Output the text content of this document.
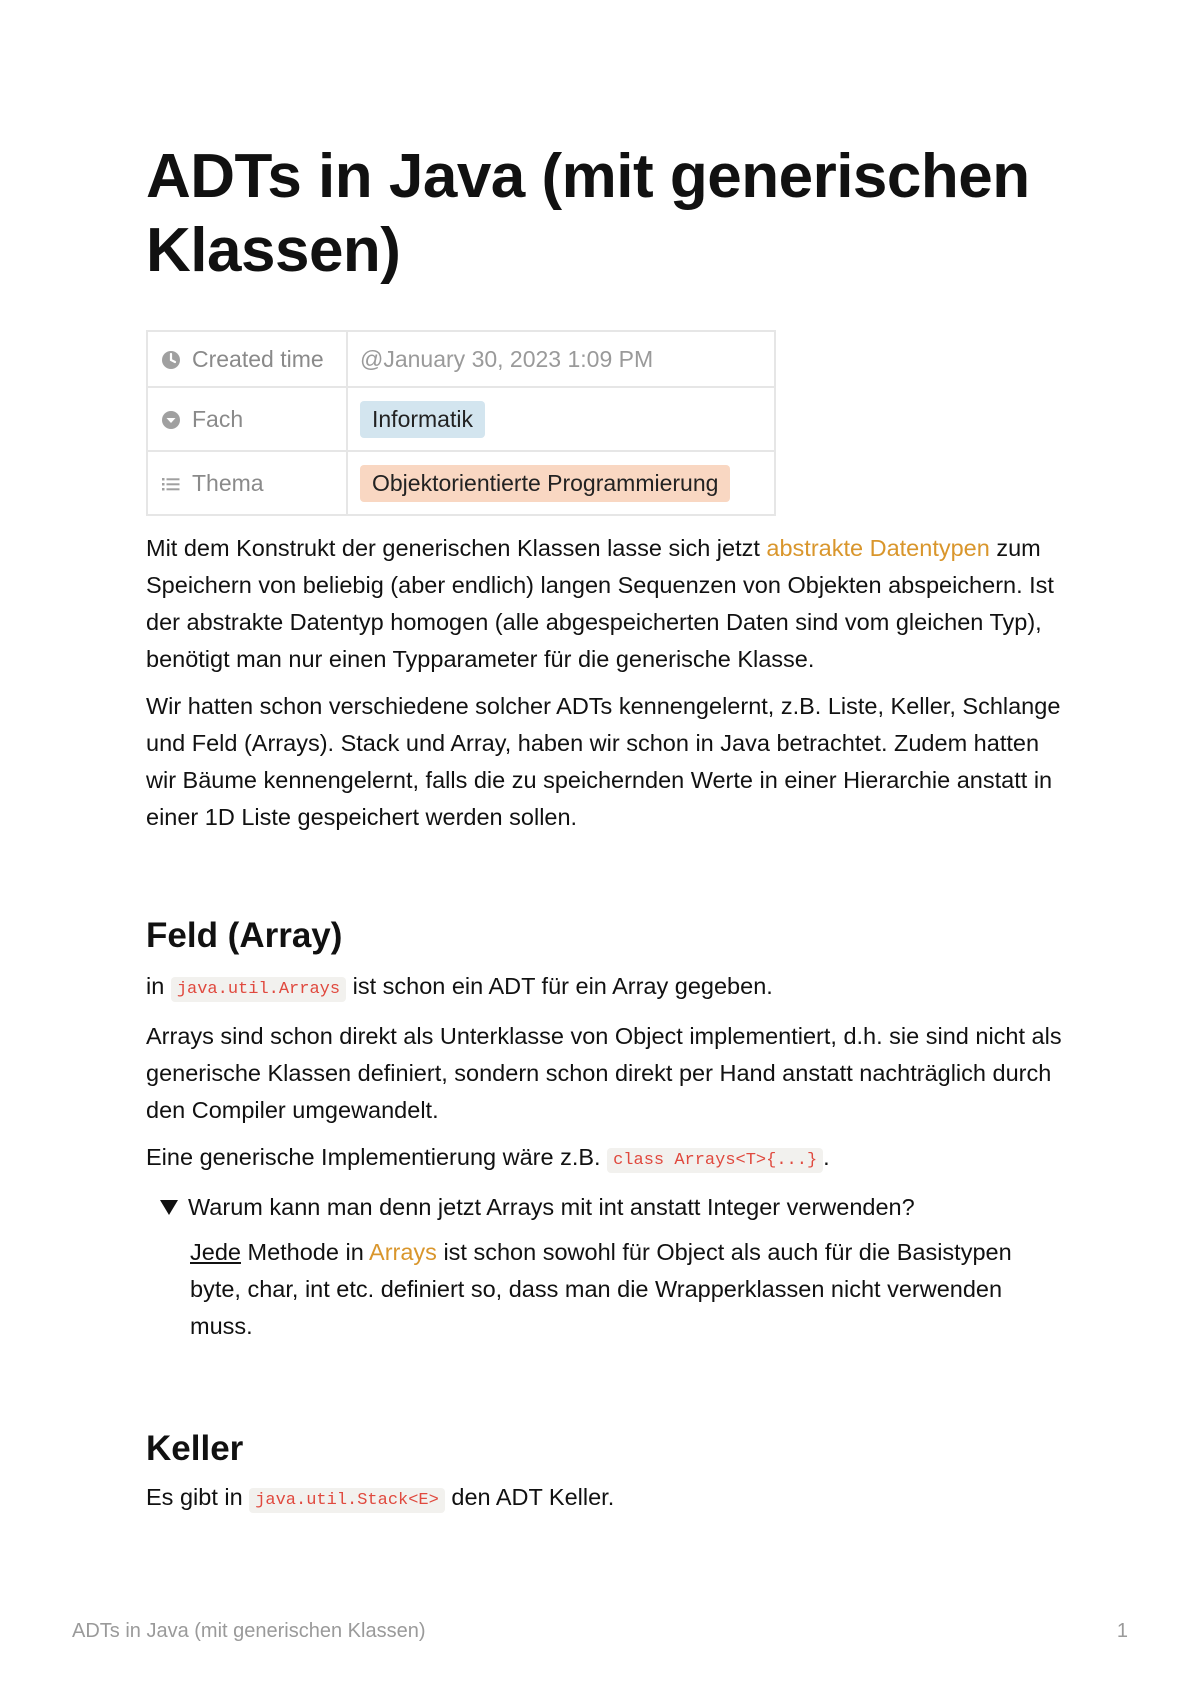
ADTs in Java (mit generischen Klassen)
Created time	@January 30, 2023 1:09 PM
Fach	Informatik
Thema	Objektorientierte Programmierung

Mit dem Konstrukt der generischen Klassen lasse sich jetzt abstrakte Datentypen zum Speichern von beliebig (aber endlich) langen Sequenzen von Objekten abspeichern. Ist der abstrakte Datentyp homogen (alle abgespeicherten Daten sind vom gleichen Typ), benötigt man nur einen Typparameter für die generische Klasse.

Wir hatten schon verschiedene solcher ADTs kennengelernt, z.B. Liste, Keller, Schlange und Feld (Arrays). Stack und Array, haben wir schon in Java betrachtet. Zudem hatten wir Bäume kennengelernt, falls die zu speichernden Werte in einer Hierarchie anstatt in einer 1D Liste gespeichert werden sollen.

Feld (Array)

in java.util.Arrays ist schon ein ADT für ein Array gegeben.

Arrays sind schon direkt als Unterklasse von Object implementiert, d.h. sie sind nicht als generische Klassen definiert, sondern schon direkt per Hand anstatt nachträglich durch den Compiler umgewandelt.

Eine generische Implementierung wäre z.B. class Arrays<T>{...} .

Warum kann man denn jetzt Arrays mit int anstatt Integer verwenden?

Jede Methode in Arrays ist schon sowohl für Object als auch für die Basistypen byte, char, int etc. definiert so, dass man die Wrapperklassen nicht verwenden muss.

Keller

Es gibt in java.util.Stack<E> den ADT Keller.

ADTs in Java (mit generischen Klassen)	1
